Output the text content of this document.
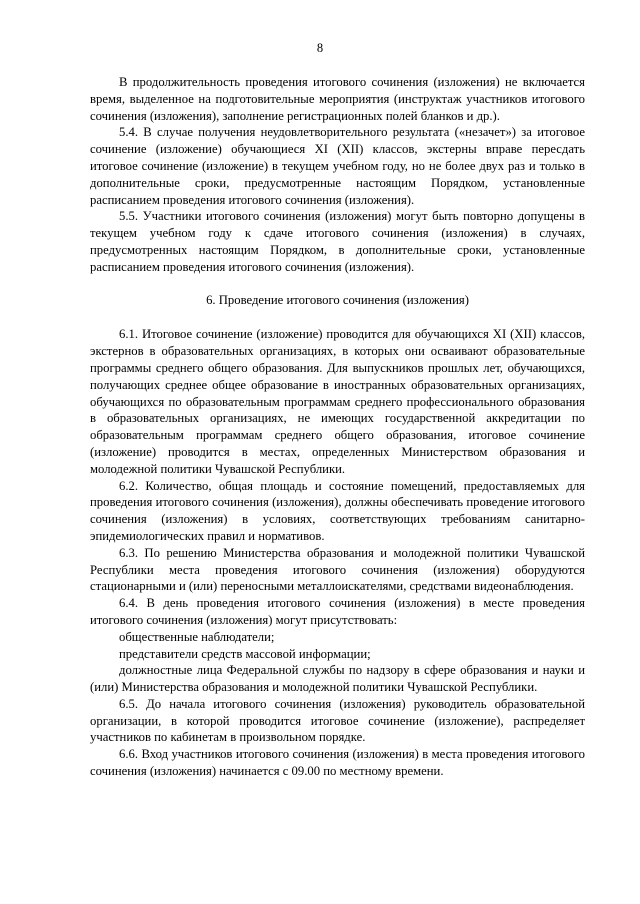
8

В продолжительность проведения итогового сочинения (изложения) не включается время, выделенное на подготовительные мероприятия (инструктаж участников итогового сочинения (изложения), заполнение регистрационных полей бланков и др.).

5.4. В случае получения неудовлетворительного результата («незачет») за итоговое сочинение (изложение) обучающиеся XI (XII) классов, экстерны вправе пересдать итоговое сочинение (изложение) в текущем учебном году, но не более двух раз и только в дополнительные сроки, предусмотренные настоящим Порядком, установленные расписанием проведения итогового сочинения (изложения).

5.5. Участники итогового сочинения (изложения) могут быть повторно допущены в текущем учебном году к сдаче итогового сочинения (изложения) в случаях, предусмотренных настоящим Порядком, в дополнительные сроки, установленные расписанием проведения итогового сочинения (изложения).

6. Проведение итогового сочинения (изложения)

6.1. Итоговое сочинение (изложение) проводится для обучающихся XI (XII) классов, экстернов в образовательных организациях, в которых они осваивают образовательные программы среднего общего образования. Для выпускников прошлых лет, обучающихся, получающих среднее общее образование в иностранных образовательных организациях, обучающихся по образовательным программам среднего профессионального образования в образовательных организациях, не имеющих государственной аккредитации по образовательным программам среднего общего образования, итоговое сочинение (изложение) проводится в местах, определенных Министерством образования и молодежной политики Чувашской Республики.

6.2. Количество, общая площадь и состояние помещений, предоставляемых для проведения итогового сочинения (изложения), должны обеспечивать проведение итогового сочинения (изложения) в условиях, соответствующих требованиям санитарно-эпидемиологических правил и нормативов.

6.3. По решению Министерства образования и молодежной политики Чувашской Республики места проведения итогового сочинения (изложения) оборудуются стационарными и (или) переносными металлоискателями, средствами видеонаблюдения.

6.4. В день проведения итогового сочинения (изложения) в месте проведения итогового сочинения (изложения) могут присутствовать:

общественные наблюдатели;

представители средств массовой информации;

должностные лица Федеральной службы по надзору в сфере образования и науки и (или) Министерства образования и молодежной политики Чувашской Республики.

6.5. До начала итогового сочинения (изложения) руководитель образовательной организации, в которой проводится итоговое сочинение (изложение), распределяет участников по кабинетам в произвольном порядке.

6.6. Вход участников итогового сочинения (изложения) в места проведения итогового сочинения (изложения) начинается с 09.00 по местному времени.
